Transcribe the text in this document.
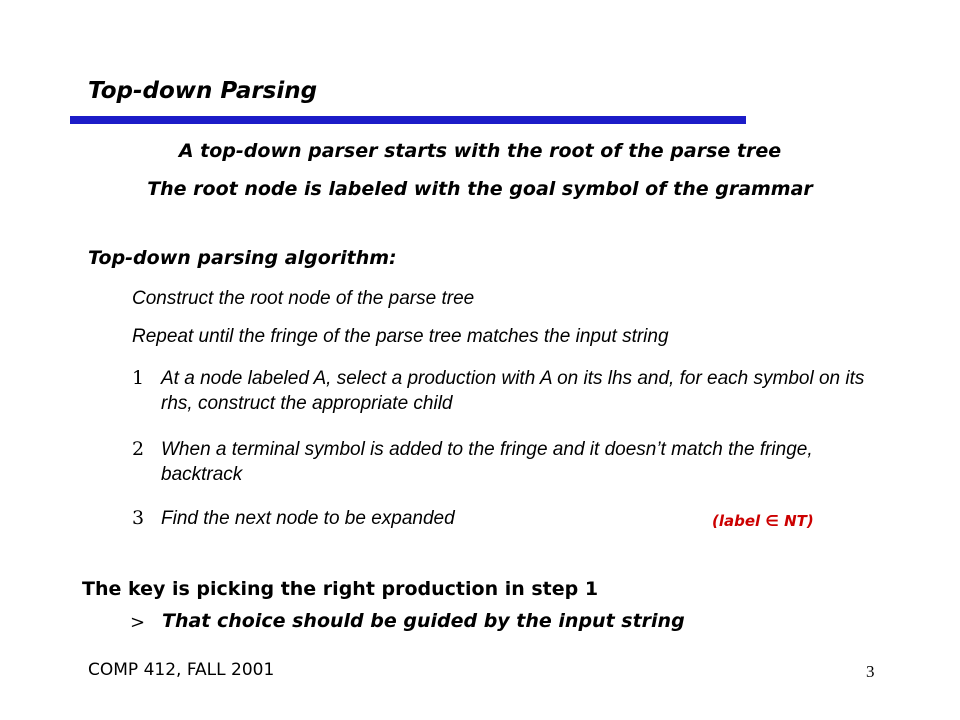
Top-down Parsing
A top-down parser starts with the root of the parse tree
The root node is labeled with the goal symbol of the grammar
Top-down parsing algorithm:
Construct the root node of the parse tree
Repeat until the fringe of the parse tree matches the input string
1 At a node labeled A, select a production with A on its lhs and, for each symbol on its rhs, construct the appropriate child
2 When a terminal symbol is added to the fringe and it doesn’t match the fringe, backtrack
3 Find the next node to be expanded	(label ∈ NT)
The key is picking the right production in step 1
> That choice should be guided by the input string
COMP 412, FALL 2001	3
